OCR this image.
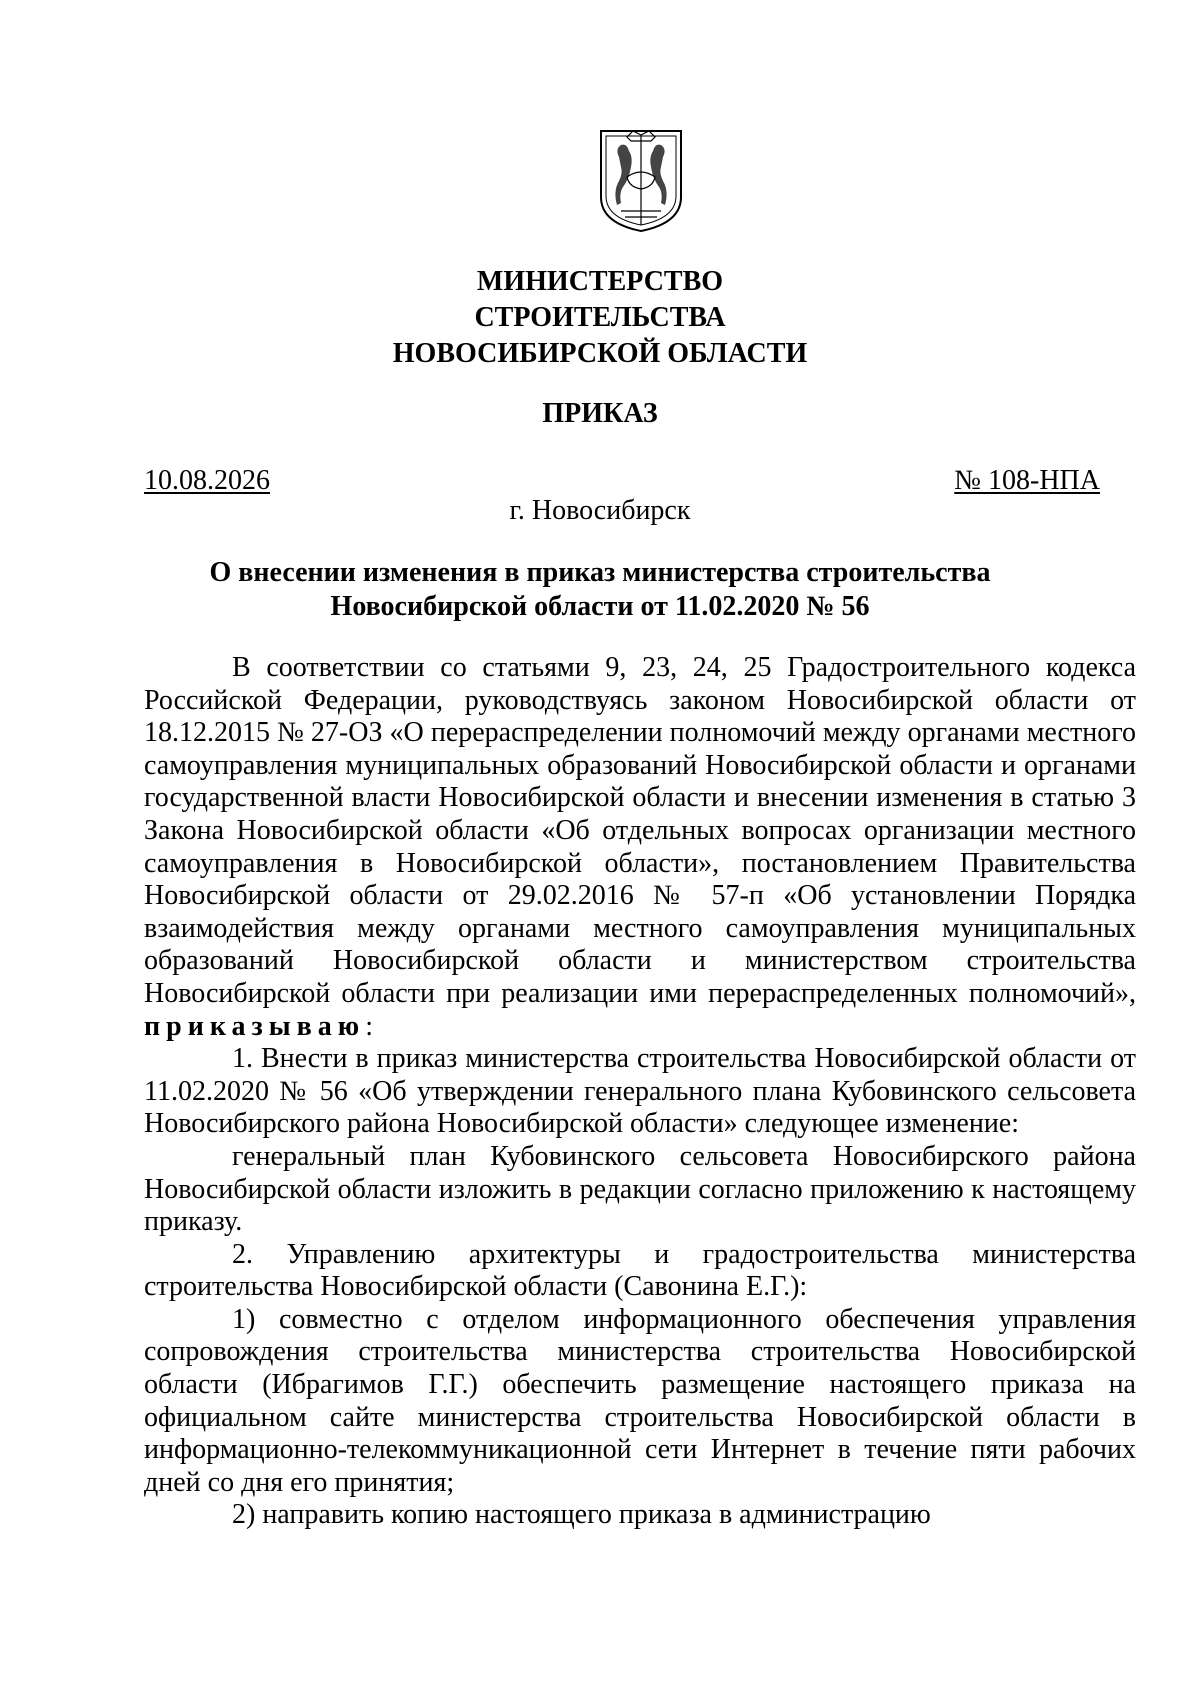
МИНИСТЕРСТВО
СТРОИТЕЛЬСТВА
НОВОСИБИРСКОЙ ОБЛАСТИ
ПРИКАЗ
10.08.2026	№ 108-НПА
г. Новосибирск
О внесении изменения в приказ министерства строительства
Новосибирской области от 11.02.2020 № 56

В соответствии со статьями 9, 23, 24, 25 Градостроительного кодекса Российской Федерации, руководствуясь законом Новосибирской области от 18.12.2015 № 27-ОЗ «О перераспределении полномочий между органами местного самоуправления муниципальных образований Новосибирской области и органами государственной власти Новосибирской области и внесении изменения в статью 3 Закона Новосибирской области «Об отдельных вопросах организации местного самоуправления в Новосибирской области», постановлением Правительства Новосибирской области от 29.02.2016 № 57-п «Об установлении Порядка взаимодействия между органами местного самоуправления муниципальных образований Новосибирской области и министерством строительства Новосибирской области при реализации ими перераспределенных полномочий», приказываю:

1. Внести в приказ министерства строительства Новосибирской области от 11.02.2020 № 56 «Об утверждении генерального плана Кубовинского сельсовета Новосибирского района Новосибирской области» следующее изменение:

генеральный план Кубовинского сельсовета Новосибирского района Новосибирской области изложить в редакции согласно приложению к настоящему приказу.

2. Управлению архитектуры и градостроительства министерства строительства Новосибирской области (Савонина Е.Г.):

1) совместно с отделом информационного обеспечения управления сопровождения строительства министерства строительства Новосибирской области (Ибрагимов Г.Г.) обеспечить размещение настоящего приказа на официальном сайте министерства строительства Новосибирской области в информационно-телекоммуникационной сети Интернет в течение пяти рабочих дней со дня его принятия;

2) направить копию настоящего приказа в администрацию
